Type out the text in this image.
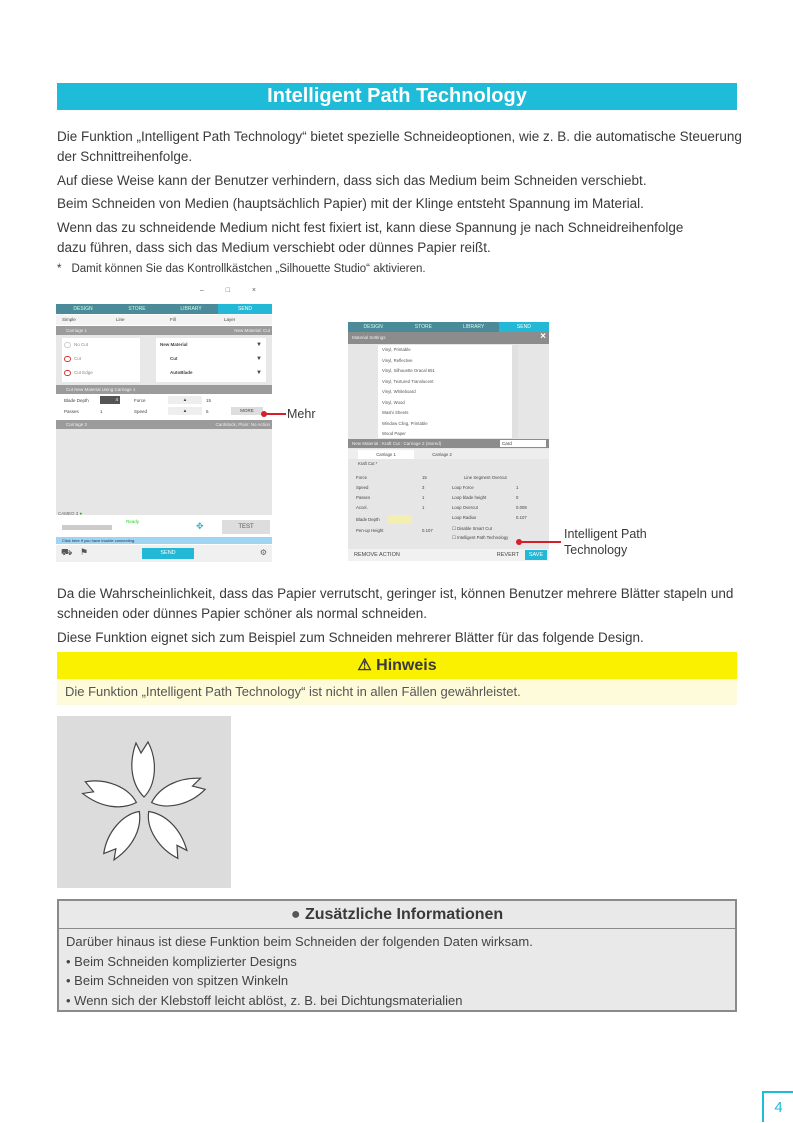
Intelligent Path Technology

Die Funktion „Intelligent Path Technology“ bietet spezielle Schneideoptionen, wie z. B. die automatische Steuerung der Schnittreihenfolge.

Auf diese Weise kann der Benutzer verhindern, dass sich das Medium beim Schneiden verschiebt.

Beim Schneiden von Medien (hauptsächlich Papier) mit der Klinge entsteht Spannung im Material.

Wenn das zu schneidende Medium nicht fest fixiert ist, kann diese Spannung je nach Schneidreihenfolge dazu führen, dass sich das Medium verschiebt oder dünnes Papier reißt.

* Damit können Sie das Kontrollkästchen „Silhouette Studio“ aktivieren.
– □ ×
DESIGN	STORE	LIBRARY	SEND
Simple	Line	Fill	Layer
Carriage 1	New Material: Cut
No Cut
Cut
Cut Edge
New Material	▼
Cut	▼
AutoBlade	▼
Cut New Material Using Carriage 1
Blade Depth	4	Force	▲	15
Passes	1	Speed	▲	5	MORE
Carriage 2	Cardstock, Plain: No Action
CAMEO 3 ●
Ready	✥	TEST
Click here if you have trouble connecting.
⛟ ⚑	SEND	⚙
Mehr
DESIGN	STORE	LIBRARY	SEND
Material Settings	×
Vinyl, Printable
Vinyl, Reflective
Vinyl, Silhouette Oracal 651
Vinyl, Textured Translucent
Vinyl, Whiteboard
Vinyl, Wood
Washi Sheets
Window Cling, Printable
Wood Paper
New Material : Kraft Cut : Carriage 2 (stored)	Card
Carriage 1	Carriage 2
Kraft Cut *
Force	15
Speed	3
Passes	1
Accel.	1
Blade Depth
Pen-up Height	0.107
Line Segment Overcut
Loop Force	1
Loop blade height	0
Loop Overcut	0.008
Loop Radius	0.107
☐ Disable Smart Cut
☐ Intelligent Path Technology
REMOVE ACTION	REVERT	SAVE
Intelligent Path
Technology

Da die Wahrscheinlichkeit, dass das Papier verrutscht, geringer ist, können Benutzer mehrere Blätter stapeln und schneiden oder dünnes Papier schöner als normal schneiden.

Diese Funktion eignet sich zum Beispiel zum Schneiden mehrerer Blätter für das folgende Design.

⚠ Hinweis
Die Funktion „Intelligent Path Technology“ ist nicht in allen Fällen gewährleistet.
● Zusätzliche Informationen
Darüber hinaus ist diese Funktion beim Schneiden der folgenden Daten wirksam.
• Beim Schneiden komplizierter Designs
• Beim Schneiden von spitzen Winkeln
• Wenn sich der Klebstoff leicht ablöst, z. B. bei Dichtungsmaterialien
4
